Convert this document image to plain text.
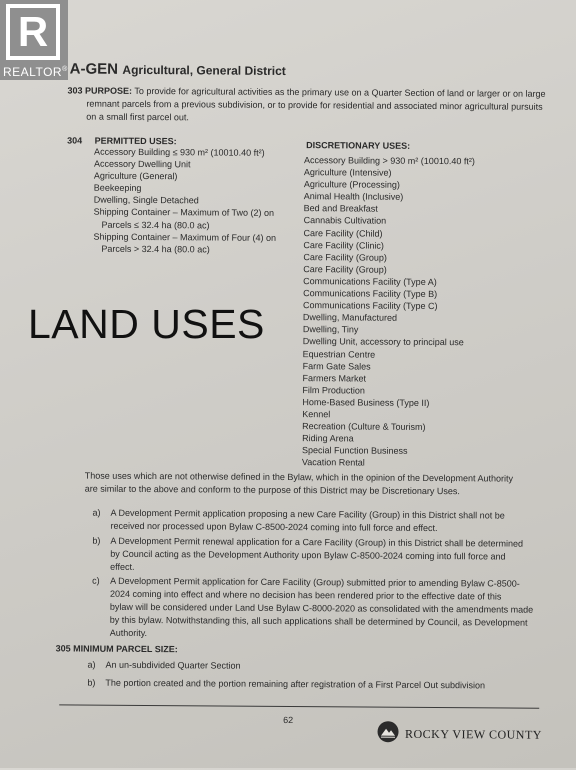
A-GEN Agricultural, General District
303 PURPOSE: To provide for agricultural activities as the primary use on a Quarter Section of land or larger or on large
remnant parcels from a previous subdivision, or to provide for residential and associated minor agricultural pursuits
on a small first parcel out.
304 PERMITTED USES:
Accessory Building ≤ 930 m² (10010.40 ft²)
Accessory Dwelling Unit
Agriculture (General)
Beekeeping
Dwelling, Single Detached
Shipping Container – Maximum of Two (2) on
Parcels ≤ 32.4 ha (80.0 ac)
Shipping Container – Maximum of Four (4) on
Parcels > 32.4 ha (80.0 ac)
DISCRETIONARY USES:
Accessory Building > 930 m² (10010.40 ft²)
Agriculture (Intensive)
Agriculture (Processing)
Animal Health (Inclusive)
Bed and Breakfast
Cannabis Cultivation
Care Facility (Child)
Care Facility (Clinic)
Care Facility (Group)
Care Facility (Group)
Communications Facility (Type A)
Communications Facility (Type B)
Communications Facility (Type C)
Dwelling, Manufactured
Dwelling, Tiny
Dwelling Unit, accessory to principal use
Equestrian Centre
Farm Gate Sales
Farmers Market
Film Production
Home-Based Business (Type II)
Kennel
Recreation (Culture & Tourism)
Riding Arena
Special Function Business
Vacation Rental
Those uses which are not otherwise defined in the Bylaw, which in the opinion of the Development Authority
are similar to the above and conform to the purpose of this District may be Discretionary Uses.
a) A Development Permit application proposing a new Care Facility (Group) in this District shall not be
received nor processed upon Bylaw C-8500-2024 coming into full force and effect.
b) A Development Permit renewal application for a Care Facility (Group) in this District shall be determined
by Council acting as the Development Authority upon Bylaw C-8500-2024 coming into full force and
effect.
c) A Development Permit application for Care Facility (Group) submitted prior to amending Bylaw C-8500-
2024 coming into effect and where no decision has been rendered prior to the effective date of this
bylaw will be considered under Land Use Bylaw C-8000-2020 as consolidated with the amendments made
by this bylaw. Notwithstanding this, all such applications shall be determined by Council, as Development
Authority.
305 MINIMUM PARCEL SIZE:
a) An un-subdivided Quarter Section
b) The portion created and the portion remaining after registration of a First Parcel Out subdivision
62
ROCKY VIEW COUNTY
R
REALTOR®
LAND USES
